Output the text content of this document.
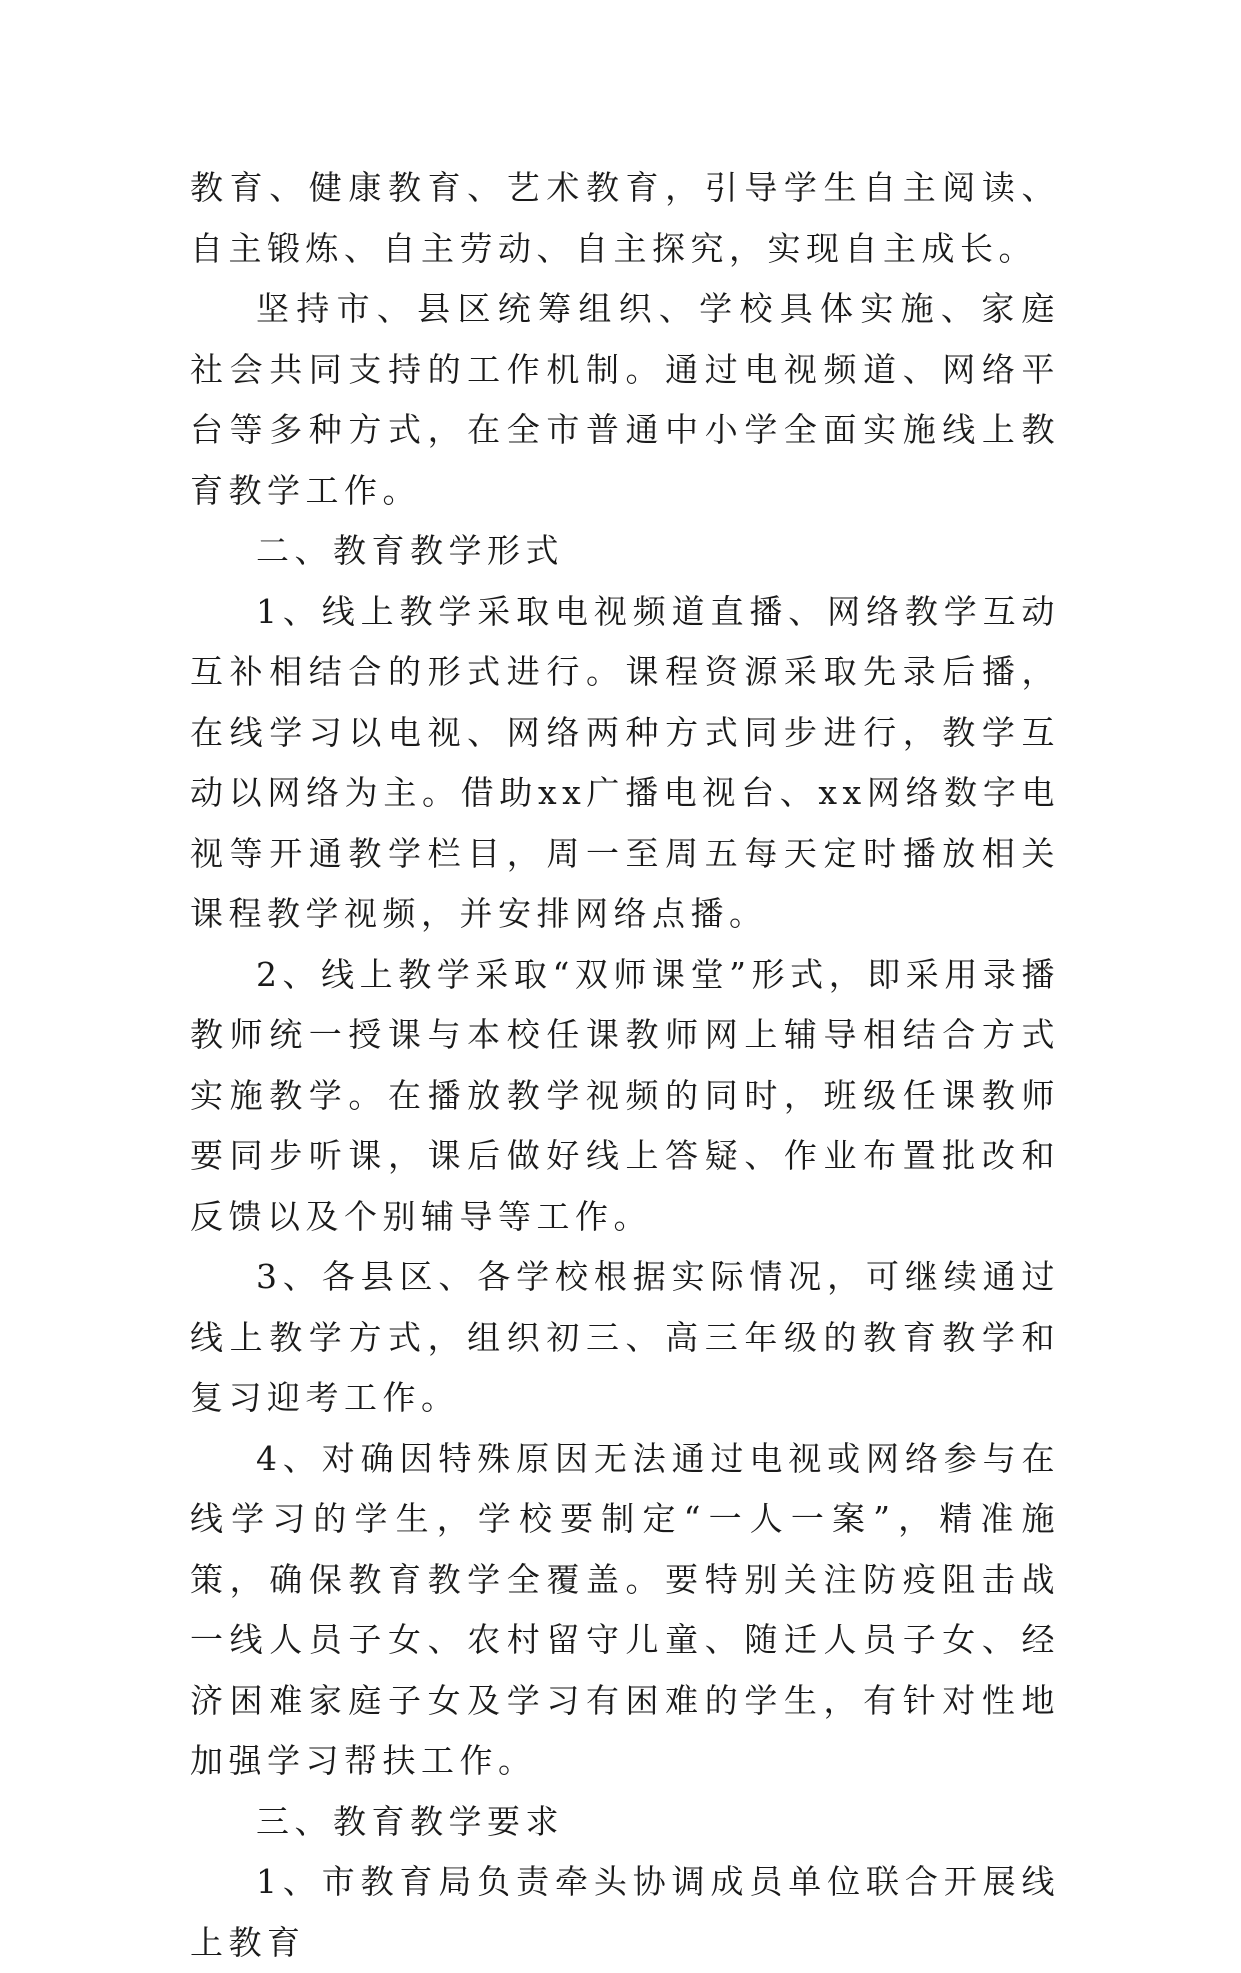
教育、健康教育、艺术教育，引导学生自主阅读、自主锻炼、自主劳动、自主探究，实现自主成长。

坚持市、县区统筹组织、学校具体实施、家庭社会共同支持的工作机制。通过电视频道、网络平台等多种方式，在全市普通中小学全面实施线上教育教学工作。

二、教育教学形式

1、线上教学采取电视频道直播、网络教学互动互补相结合的形式进行。课程资源采取先录后播，在线学习以电视、网络两种方式同步进行，教学互动以网络为主。借助xx广播电视台、xx网络数字电视等开通教学栏目，周一至周五每天定时播放相关课程教学视频，并安排网络点播。

2、线上教学采取“双师课堂”形式，即采用录播教师统一授课与本校任课教师网上辅导相结合方式实施教学。在播放教学视频的同时，班级任课教师要同步听课，课后做好线上答疑、作业布置批改和反馈以及个别辅导等工作。

3、各县区、各学校根据实际情况，可继续通过线上教学方式，组织初三、高三年级的教育教学和复习迎考工作。

4、对确因特殊原因无法通过电视或网络参与在线学习的学生，学校要制定“一人一案”，精准施策，确保教育教学全覆盖。要特别关注防疫阻击战一线人员子女、农村留守儿童、随迁人员子女、经济困难家庭子女及学习有困难的学生，有针对性地加强学习帮扶工作。

三、教育教学要求

1、市教育局负责牵头协调成员单位联合开展线上教育
